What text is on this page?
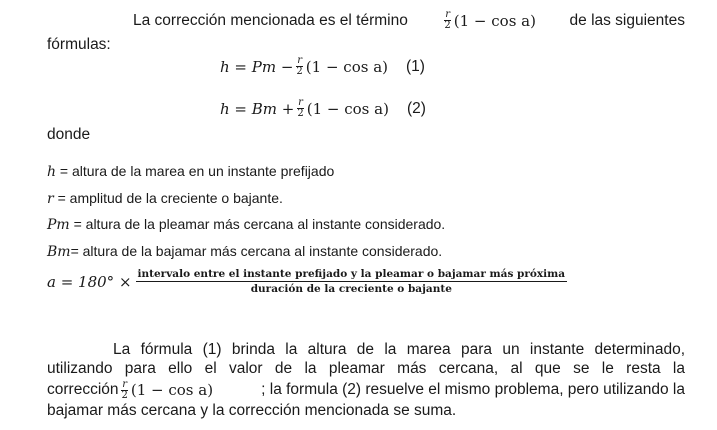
La corrección mencionada es el término	$\frac{r}{2} (1 - \cos a)$ de las siguientes
fórmulas:
$h = Pm - \frac{r}{2} (1 - \cos a)$ (1)
$h = Bm + \frac{r}{2} (1 - \cos a)$ (2)
donde
h = altura de la marea en un instante prefijado
r = amplitud de la creciente o bajante.
Pm = altura de la pleamar más cercana al instante considerado.
Bm= altura de la bajamar más cercana al instante considerado.
a = 180° × intervalo entre el instante prefijado y la pleamar o bajamar más próxima
duración de la creciente o bajante
La fórmula (1) brinda la altura de la marea para un instante determinado,
utilizando para ello el valor de la pleamar más cercana, al que se le resta la
corrección $\frac{r}{2} (1 - \cos a)$	; la formula (2) resuelve el mismo problema, pero utilizando la
bajamar más cercana y la corrección mencionada se suma.
